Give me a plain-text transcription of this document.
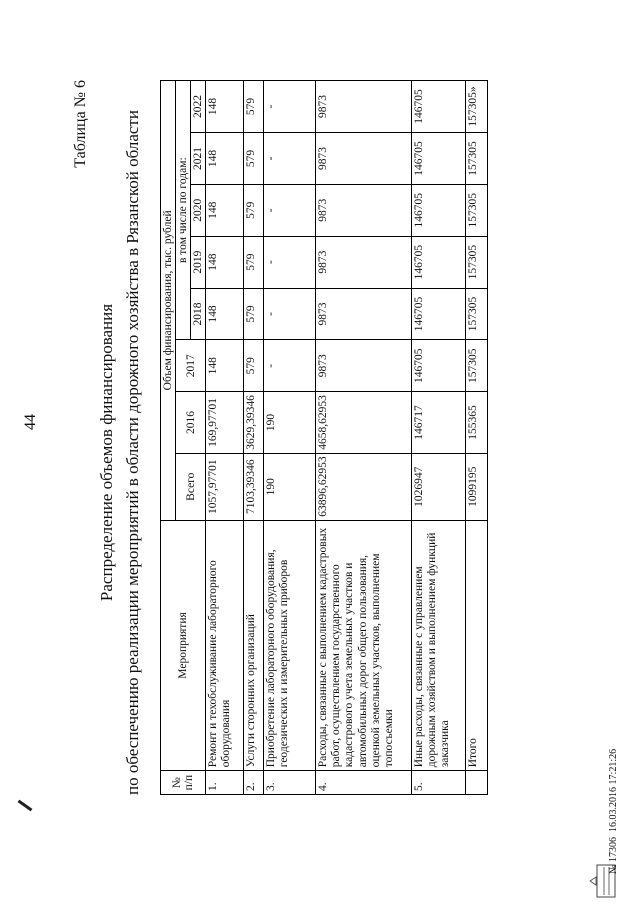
44
Таблица № 6
Распределение объемов финансирования по обеспечению реализации мероприятий в области дорожного хозяйства в Рязанской области	№ п/п	Мероприятия	Объем финансирования, тыс. рублей							
		Всего	2016	2017	в том числе по годам:				
					2018	2019	2020	2021	2022
1.	Ремонт и техобслуживание лабораторного оборудования	1057,97701	169,97701	148	148	148	148	148	148
2.	Услуги сторонних организаций	7103,39346	3629,39346	579	579	579	579	579	579
3.	Приобретение лабораторного оборудования, геодезических и измерительных приборов	190	190	-	-	-	-	-	-
4.	Расходы, связанные с выполнением кадастровых работ, осуществлением государственного кадастрового учета земельных участков и автомобильных дорог общего пользования, оценкой земельных участков, выполнением топосъемки	63896,62953	4658,62953	9873	9873	9873	9873	9873	9873
5.	Иные расходы, связанные с управлением дорожным хозяйством и выполнением функций заказчика	1026947	146717	146705	146705	146705	146705	146705	146705
	Итого	1099195	155365	157305	157305	157305	157305	157305	157305»
№ 17306  16.03.2016 17:21:26
